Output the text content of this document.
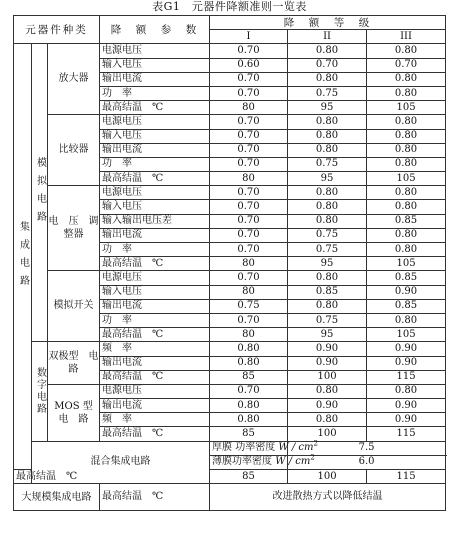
表G1　元器件降额准则一览表
元器件种类			降　额　参　数	降　额　等　级		
				I	II	III
集成电路	模拟电路	放大器	电源电压	0.70	0.80	0.80
			输入电压	0.60	0.70	0.70
			输出电流	0.70	0.80	0.80
			功　率	0.70	0.75	0.80
			最高结温　℃	80	95	105
		比较器	电源电压	0.70	0.80	0.80
			输入电压	0.70	0.80	0.80
			输出电流	0.70	0.80	0.80
			功　率	0.70	0.75	0.80
			最高结温　℃	80	95	105
		电　压　调整器	电源电压	0.70	0.80	0.80
			输入电压	0.70	0.80	0.80
			输入输出电压差	0.70	0.80	0.85
			输出电流	0.70	0.75	0.80
			功　率	0.70	0.75	0.80
			最高结温　℃	80	95	105
		模拟开关	电源电压	0.70	0.80	0.85
			输入电压	80	0.85	0.90
			输出电流	0.75	0.80	0.85
			功　率	0.70	0.75	0.80
			最高结温　℃	80	95	105
	数字电路	双极型　电　路	频　率	0.80	0.90	0.90
			输出电流	0.80	0.90	0.90
			最高结温　℃	85	100	115
		MOS 型　电　路	电源电压	0.70	0.80	0.80
			输出电流	0.80	0.90	0.90
			频　率	0.80	0.80	0.90
			最高结温　℃	85	100	115
	混合集成电路			厚膜 功率密度 W / $cm^2$	7.5	
				薄膜功率密度 W / $cm^2$	6.0	
最高结温　℃				85	100	115
大规模集成电路			最高结温　℃	改进散热方式以降低结温		
